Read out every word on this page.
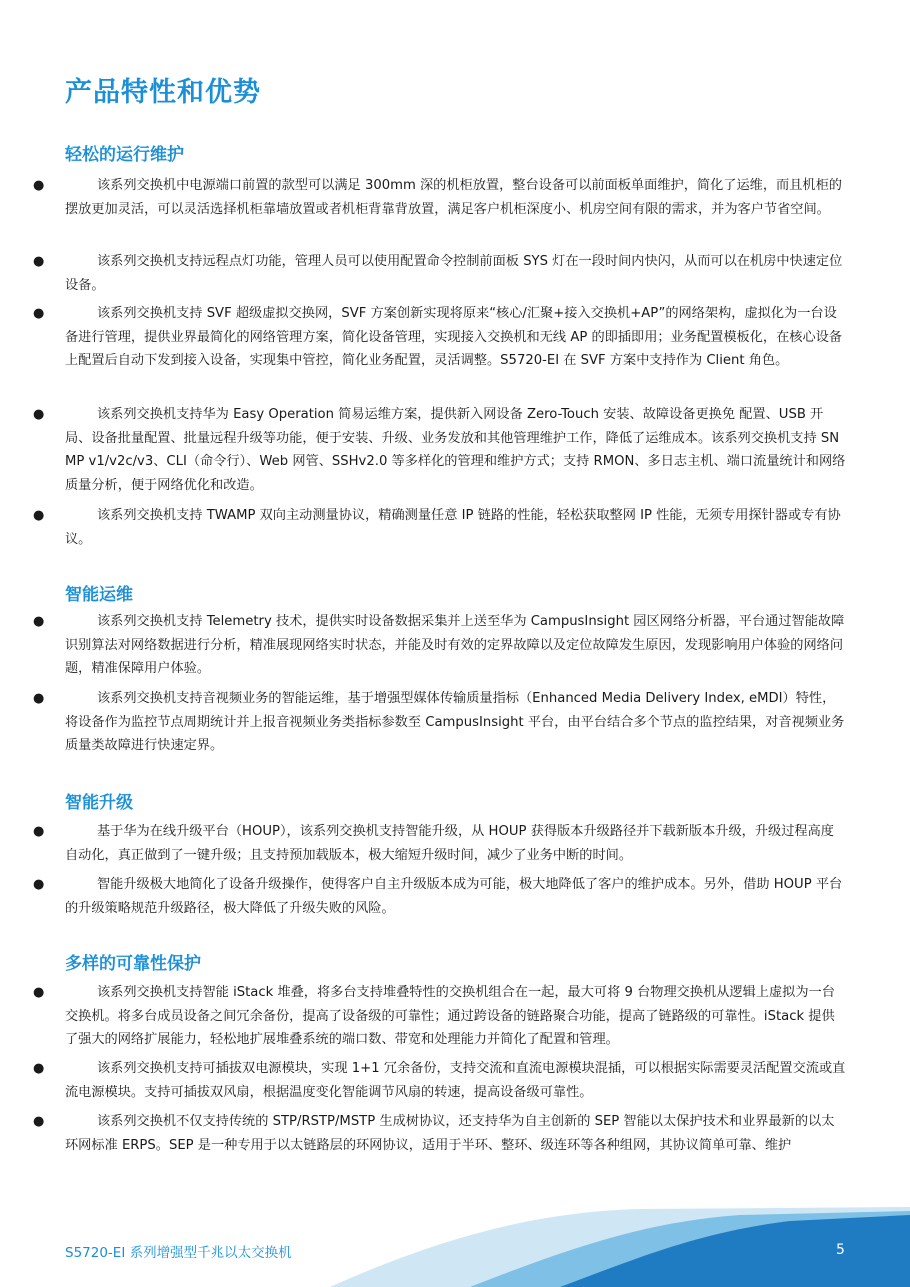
产品特性和优势
轻松的运行维护

●	该系列交换机中电源端口前置的款型可以满足 300mm 深的机柜放置，整台设备可以前面板单面维护，简化了运维，而且机柜的摆放更加灵活，可以灵活选择机柜靠墙放置或者机柜背靠背放置，满足客户机柜深度小、机房空间有限的需求，并为客户节省空间。

●	该系列交换机支持远程点灯功能，管理人员可以使用配置命令控制前面板 SYS 灯在一段时间内快闪，从而可以在机房中快速定位设备。

●	该系列交换机支持 SVF 超级虚拟交换网，SVF 方案创新实现将原来“核心/汇聚+接入交换机+AP”的网络架构，虚拟化为一台设备进行管理，提供业界最简化的网络管理方案，简化设备管理，实现接入交换机和无线 AP 的即插即用；业务配置模板化，在核心设备上配置后自动下发到接入设备，实现集中管控，简化业务配置，灵活调整。S5720-EI 在 SVF 方案中支持作为 Client 角色。

●	该系列交换机支持华为 Easy Operation 简易运维方案，提供新入网设备 Zero-Touch 安装、故障设备更换免 配置、USB 开局、设备批量配置、批量远程升级等功能，便于安装、升级、业务发放和其他管理维护工作，降低了运维成本。该系列交换机支持 SNMP v1/v2c/v3、CLI（命令行）、Web 网管、SSHv2.0 等多样化的管理和维护方式；支持 RMON、多日志主机、端口流量统计和网络质量分析，便于网络优化和改造。

●	该系列交换机支持 TWAMP 双向主动测量协议，精确测量任意 IP 链路的性能，轻松获取整网 IP 性能，无须专用探针器或专有协议。

智能运维

●	该系列交换机支持 Telemetry 技术，提供实时设备数据采集并上送至华为 CampusInsight 园区网络分析器，平台通过智能故障识别算法对网络数据进行分析，精准展现网络实时状态，并能及时有效的定界故障以及定位故障发生原因，发现影响用户体验的网络问题，精准保障用户体验。

●	该系列交换机支持音视频业务的智能运维，基于增强型媒体传输质量指标（Enhanced Media Delivery Index, eMDI）特性，将设备作为监控节点周期统计并上报音视频业务类指标参数至 CampusInsight 平台，由平台结合多个节点的监控结果，对音视频业务质量类故障进行快速定界。

智能升级

●	基于华为在线升级平台（HOUP），该系列交换机支持智能升级，从 HOUP 获得版本升级路径并下载新版本升级，升级过程高度自动化，真正做到了一键升级；且支持预加载版本，极大缩短升级时间，减少了业务中断的时间。

●	智能升级极大地简化了设备升级操作，使得客户自主升级版本成为可能，极大地降低了客户的维护成本。另外，借助 HOUP 平台的升级策略规范升级路径，极大降低了升级失败的风险。

多样的可靠性保护

●	该系列交换机支持智能 iStack 堆叠，将多台支持堆叠特性的交换机组合在一起，最大可将 9 台物理交换机从逻辑上虚拟为一台交换机。将多台成员设备之间冗余备份，提高了设备级的可靠性；通过跨设备的链路聚合功能，提高了链路级的可靠性。iStack 提供了强大的网络扩展能力，轻松地扩展堆叠系统的端口数、带宽和处理能力并简化了配置和管理。

●	该系列交换机支持可插拔双电源模块，实现 1+1 冗余备份，支持交流和直流电源模块混插，可以根据实际需要灵活配置交流或直流电源模块。支持可插拔双风扇，根据温度变化智能调节风扇的转速，提高设备级可靠性。

●	该系列交换机不仅支持传统的 STP/RSTP/MSTP 生成树协议，还支持华为自主创新的 SEP 智能以太保护技术和业界最新的以太环网标准 ERPS。SEP 是一种专用于以太链路层的环网协议，适用于半环、整环、级连环等各种组网，其协议简单可靠、维护

S5720-EI 系列增强型千兆以太交换机	5
